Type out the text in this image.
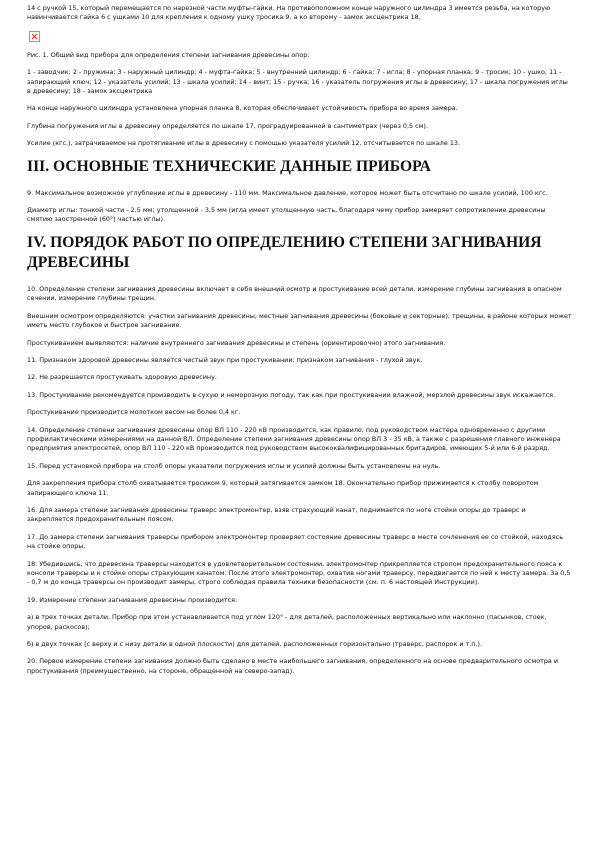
14 с ручкой 15, который перемещается по нарезной части муфты-гайки. На противоположном конце наружного цилиндра 3 имеется резьба, на которую навинчивается гайка 6 с ушками 10 для крепления к одному ушку тросика 9, а ко второму - замок эксцентрика 18.

Рис. 1. Общий вид прибора для определения степени загнивания древесины опор:

1 - заводчик; 2 - пружина; 3 - наружный цилиндр; 4 - муфта-гайка; 5 - внутренний цилиндр; 6 - гайка; 7 - игла; 8 - упорная планка; 9 - тросик; 10 - ушко; 11 - запирающий ключ; 12 - указатель усилий; 13 - шкала усилий; 14 - винт; 15 - ручка; 16 - указатель погружения иглы в древесину; 17 - шкала погружения иглы в древесину; 18 - замок эксцентрика

На конце наружного цилиндра установлена упорная планка 8, которая обеспечивает устойчивость прибора во время замера.

Глубина погружения иглы в древесину определяется по шкале 17, проградуированной в сантиметрах (через 0,5 см).

Усилие (кгс.), затрачиваемое на протягивание иглы в древесину с помощью указателя усилий 12, отсчитывается по шкале 13.

III. ОСНОВНЫЕ ТЕХНИЧЕСКИЕ ДАННЫЕ ПРИБОРА

9. Максимальное возможное углубление иглы в древесину - 110 мм. Максимальное давление, которое может быть отсчитано по шкале усилий, 100 кгс.

Диаметр иглы: тонкой части - 2,5 мм; утолщенной - 3,5 мм (игла имеет утолщенную часть, благодаря чему прибор замеряет сопротивление древесины смятию заостренной (60°) частью иглы).

IV. ПОРЯДОК РАБОТ ПО ОПРЕДЕЛЕНИЮ СТЕПЕНИ ЗАГНИВАНИЯ ДРЕВЕСИНЫ

10. Определение степени загнивания древесины включает в себя внешний осмотр и простукивание всей детали, измерение глубины загнивания в опасном сечении, измерение глубины трещин.

Внешним осмотром определяются: участки загнивания древесины; местные загнивания древесины (боковые и секторные); трещины, в районе которых может иметь место глубокое и быстрое загнивание.

Простукиванием выявляются: наличие внутреннего загнивания древесины и степень (ориентировочно) этого загнивания.

11. Признаком здоровой древесины является чистый звук при простукивании; признаком загнивания - глухой звук.

12. Не разрешается простукивать здоровую древесину.

13. Простукивание рекомендуется производить в сухую и неморозную погоду, так как при простукивании влажной, мерзлой древесины звук искажается.

Простукивание производится молотком весом не более 0,4 кг.

14. Определение степени загнивания древесины опор ВЛ 110 - 220 кВ производится, как правило, под руководством мастера одновременно с другими профилактическими измерениями на данной ВЛ. Определение степени загнивания древесины опор ВЛ 3 - 35 кВ, а также с разрешения главного инженера предприятия электросетей, опор ВЛ 110 - 220 кВ производится под руководством высококвалифицированных бригадиров, имеющих 5-й или 6-й разряд.

15. Перед установкой прибора на столб опоры указатели погружения иглы и усилий должны быть установлены на нуль.

Для закрепления прибора столб охватывается тросиком 9, который затягивается замком 18. Окончательно прибор прижимается к столбу поворотом запирающего ключа 11.

16. Для замера степени загнивания древесины траверс электромонтер, взяв страхующий канат, поднимается по ноге стойки опоры до траверс и закрепляется предохранительным поясом.

17. До замера степени загнивания траверсы прибором электромонтер проверяет состояние древесины траверс в месте сочленения ее со стойкой, находясь на стойке опоры.

18. Убедившись, что древесина траверсы находится в удовлетворительном состоянии, электромонтер прикрепляется стропом предохранительного пояса к консоли траверсы и к стойке опоры страхующим канатом. После этого электромонтер, охватив ногами траверсу, передвигается по ней к месту замера. За 0,5 - 0,7 м до конца траверсы он производит замеры, строго соблюдая правила техники безопасности (см. п. 6 настоящей Инструкции).

19. Измерение степени загнивания древесины производится:

а) в трех точках детали. Прибор при этом устанавливается под углом 120° - для деталей, расположенных вертикально или наклонно (пасынков, стоек, упоров, раскосов);

б) в двух точках (с верху и с низу детали в одной плоскости) для деталей, расположенных горизонтально (траверс, распорок и т.п.).

20. Первое измерение степени загнивания должно быть сделано в месте наибольшего загнивания, определенного на основе предварительного осмотра и простукивания (преимущественно, на стороне, обращенной на северо-запад).
